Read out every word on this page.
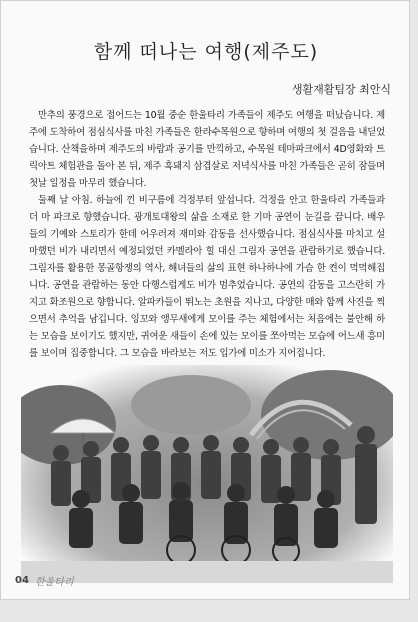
함께 떠나는 여행(제주도)
생활재활팀장 최안식

만추의 풍경으로 접어드는 10월 중순 한울타리 가족들이 제주도 여행을 떠났습니다. 제주에 도착하여 점심식사를 마친 가족들은 한라수목원으로 향하며 여행의 첫 걸음을 내딛었습니다. 산책을하며 제주도의 바람과 공기를 만끽하고, 수목원 테마파크에서 4D영화와 트릭아트 체험관을 돌아 본 뒤, 제주 흑돼지 삼겹살로 저녁식사를 마친 가족들은 곧히 잠들며 첫날 일정을 마무리 했습니다.

둘째 날 아침. 하늘에 낀 비구름에 걱정부터 앞섭니다. 걱정을 안고 한울타리 가족들과 더 마 파크로 향했습니다. 광개토대왕의 삶을 소재로 한 기마 공연이 눈길을 끕니다. 배우들의 기예와 스토리가 한데 어우러져 재미와 감동을 선사했습니다. 점심식사를 마치고 설마했던 비가 내리면서 예정되었던 카멜라아 힐 대신 그림자 공연을 관람하기로 했습니다. 그림자를 활용한 몽골항쟁의 역사, 해녀들의 삶의 표현 하나하나에 가슴 한 켠이 먹먹해집니다. 공연을 관람하는 동안 다행스럽게도 비가 멈추었습니다. 공연의 감동을 고스란히 가지고 화조원으로 향합니다. 알파카들이 뛰노는 초원을 지나고, 다양한 매와 함께 사진을 찍으면서 추억을 남깁니다. 잉꼬와 앵무새에게 모이를 주는 체험에서는 처음에는 불안해 하는 모습을 보이기도 했지만, 귀여운 새들이 손에 있는 모이를 쪼아먹는 모습에 어느새 흥미를 보이며 집중합니다. 그 모습을 바라보는 저도 입가에 미소가 지어집니다.

04 한울타리
